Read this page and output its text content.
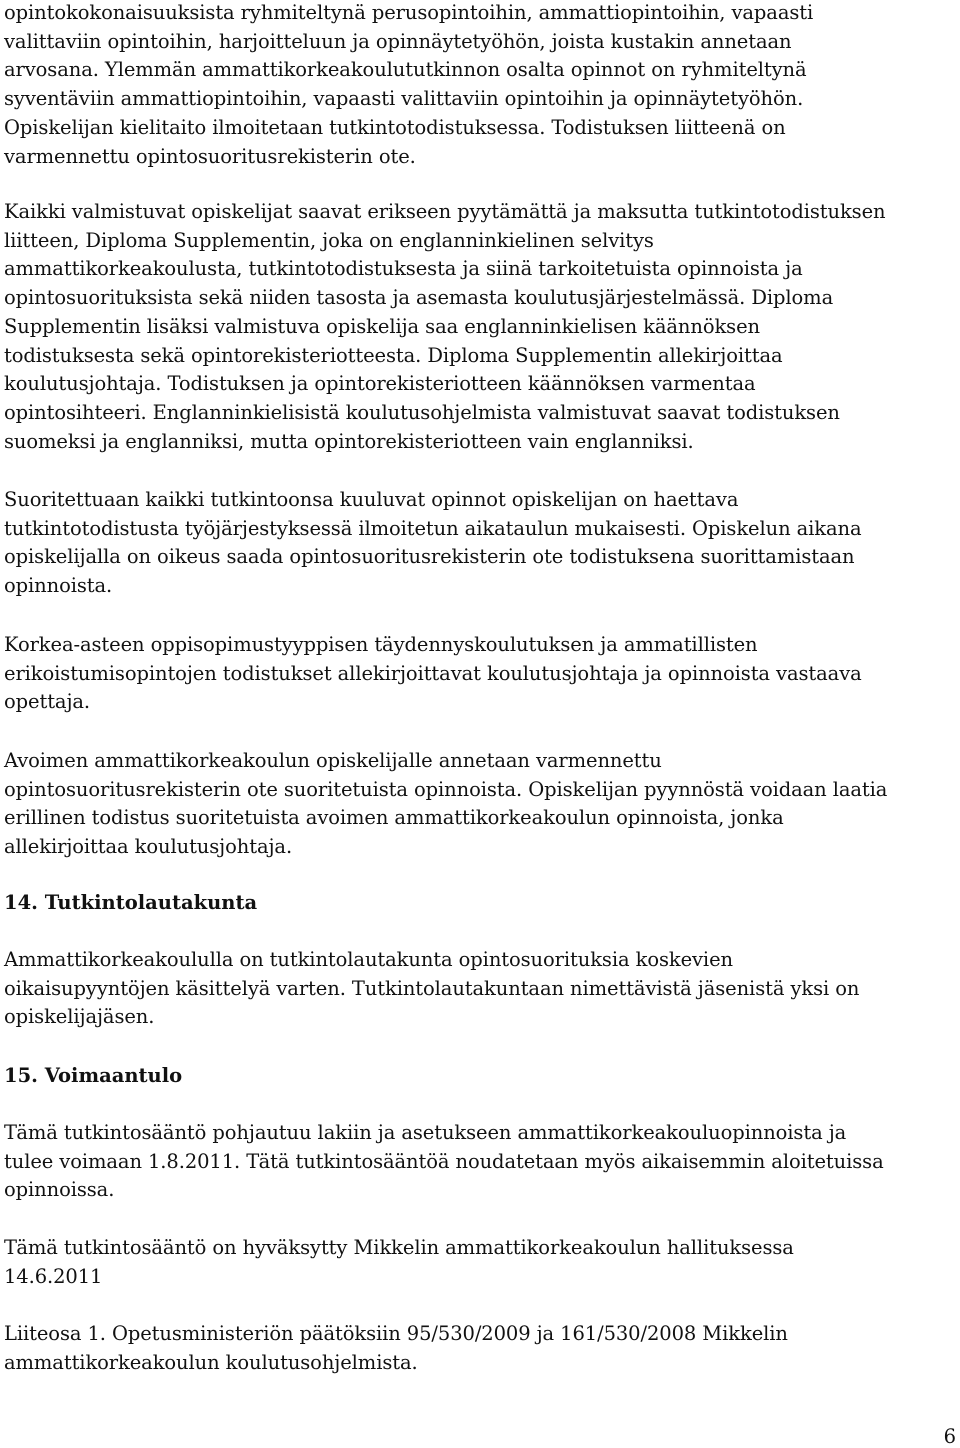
opintokokonaisuuksista ryhmiteltynä perusopintoihin, ammattiopintoihin, vapaasti
valittaviin opintoihin, harjoitteluun ja opinnäytetyöhön, joista kustakin annetaan
arvosana. Ylemmän ammattikorkeakoulututkinnon osalta opinnot on ryhmiteltynä
syventäviin ammattiopintoihin, vapaasti valittaviin opintoihin ja opinnäytetyöhön.
Opiskelijan kielitaito ilmoitetaan tutkintotodistuksessa. Todistuksen liitteenä on
varmennettu opintosuoritusrekisterin ote.

Kaikki valmistuvat opiskelijat saavat erikseen pyytämättä ja maksutta tutkintotodistuksen
liitteen, Diploma Supplementin, joka on englanninkielinen selvitys
ammattikorkeakoulusta, tutkintotodistuksesta ja siinä tarkoitetuista opinnoista ja
opintosuorituksista sekä niiden tasosta ja asemasta koulutusjärjestelmässä. Diploma
Supplementin lisäksi valmistuva opiskelija saa englanninkielisen käännöksen
todistuksesta sekä opintorekisteriotteesta. Diploma Supplementin allekirjoittaa
koulutusjohtaja. Todistuksen ja opintorekisteriotteen käännöksen varmentaa
opintosihteeri. Englanninkielisistä koulutusohjelmista valmistuvat saavat todistuksen
suomeksi ja englanniksi, mutta opintorekisteriotteen vain englanniksi.

Suoritettuaan kaikki tutkintoonsa kuuluvat opinnot opiskelijan on haettava
tutkintotodistusta työjärjestyksessä ilmoitetun aikataulun mukaisesti. Opiskelun aikana
opiskelijalla on oikeus saada opintosuoritusrekisterin ote todistuksena suorittamistaan
opinnoista.

Korkea-asteen oppisopimustyyppisen täydennyskoulutuksen ja ammatillisten
erikoistumisopintojen todistukset allekirjoittavat koulutusjohtaja ja opinnoista vastaava
opettaja.

Avoimen ammattikorkeakoulun opiskelijalle annetaan varmennettu
opintosuoritusrekisterin ote suoritetuista opinnoista. Opiskelijan pyynnöstä voidaan laatia
erillinen todistus suoritetuista avoimen ammattikorkeakoulun opinnoista, jonka
allekirjoittaa koulutusjohtaja.

14. Tutkintolautakunta

Ammattikorkeakoululla on tutkintolautakunta opintosuorituksia koskevien
oikaisupyyntöjen käsittelyä varten. Tutkintolautakuntaan nimettävistä jäsenistä yksi on
opiskelijajäsen.

15. Voimaantulo

Tämä tutkintosääntö pohjautuu lakiin ja asetukseen ammattikorkeakouluopinnoista ja
tulee voimaan 1.8.2011. Tätä tutkintosääntöä noudatetaan myös aikaisemmin aloitetuissa
opinnoissa.

Tämä tutkintosääntö on hyväksytty Mikkelin ammattikorkeakoulun hallituksessa
14.6.2011

Liiteosa 1. Opetusministeriön päätöksiin 95/530/2009 ja 161/530/2008 Mikkelin
ammattikorkeakoulun koulutusohjelmista.

6
